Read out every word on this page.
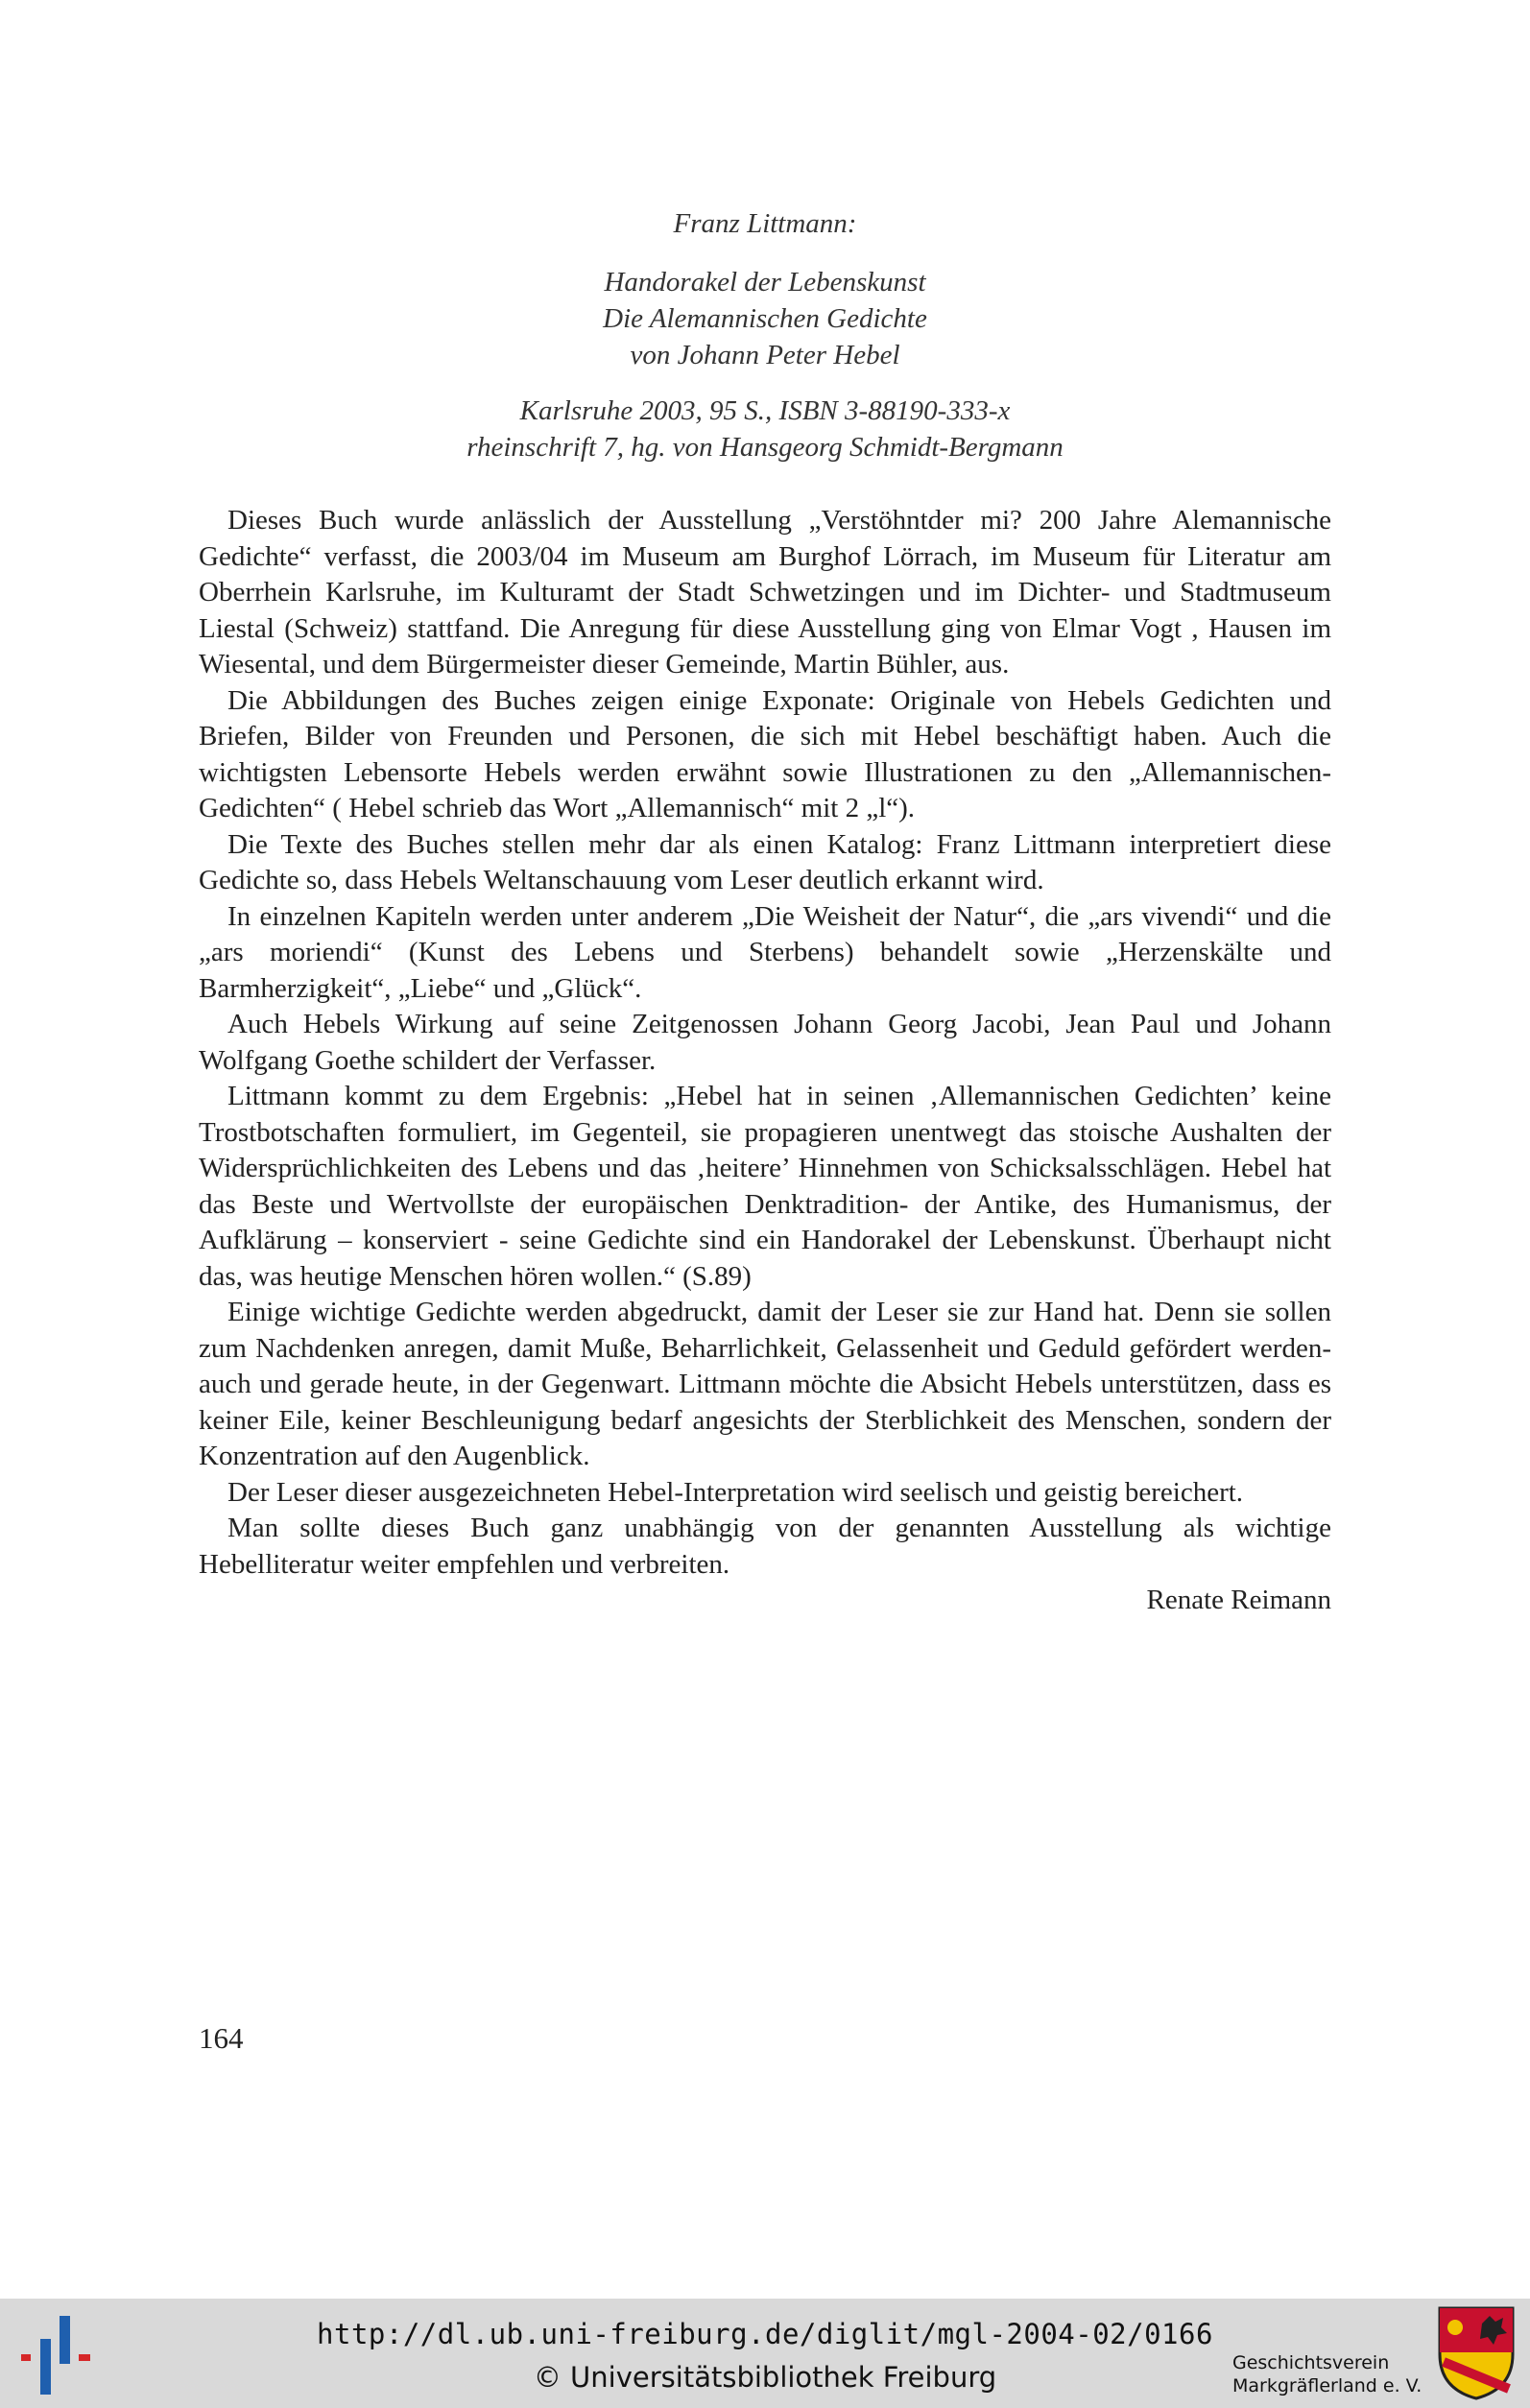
Franz Littmann:
Handorakel der Lebenskunst
Die Alemannischen Gedichte
von Johann Peter Hebel
Karlsruhe 2003, 95 S., ISBN 3-88190-333-x
rheinschrift 7, hg. von Hansgeorg Schmidt-Bergmann

Dieses Buch wurde anlässlich der Ausstellung „Verstöhntder mi? 200 Jahre Alemannische Gedichte“ verfasst, die 2003/04 im Museum am Burghof Lörrach, im Museum für Literatur am Oberrhein Karlsruhe, im Kulturamt der Stadt Schwetzingen und im Dichter- und Stadtmuseum Liestal (Schweiz) stattfand. Die Anregung für diese Ausstellung ging von Elmar Vogt , Hausen im Wiesental, und dem Bürgermeister dieser Gemeinde, Martin Bühler, aus.

Die Abbildungen des Buches zeigen einige Exponate: Originale von Hebels Gedichten und Briefen, Bilder von Freunden und Personen, die sich mit Hebel beschäftigt haben. Auch die wichtigsten Lebensorte Hebels werden erwähnt sowie Illustrationen zu den „Allemannischen-Gedichten“ ( Hebel schrieb das Wort „Allemannisch“ mit 2 „l“).

Die Texte des Buches stellen mehr dar als einen Katalog: Franz Littmann interpretiert diese Gedichte so, dass Hebels Weltanschauung vom Leser deutlich erkannt wird.

In einzelnen Kapiteln werden unter anderem „Die Weisheit der Natur“, die „ars vivendi“ und die „ars moriendi“ (Kunst des Lebens und Sterbens) behandelt sowie „Herzenskälte und Barmherzigkeit“, „Liebe“ und „Glück“.

Auch Hebels Wirkung auf seine Zeitgenossen Johann Georg Jacobi, Jean Paul und Johann Wolfgang Goethe schildert der Verfasser.

Littmann kommt zu dem Ergebnis: „Hebel hat in seinen ‚Allemannischen Gedichten’ keine Trostbotschaften formuliert, im Gegenteil, sie propagieren unentwegt das stoische Aushalten der Widersprüchlichkeiten des Lebens und das ‚heitere’ Hinnehmen von Schicksalsschlägen. Hebel hat das Beste und Wertvollste der europäischen Denktradition- der Antike, des Humanismus, der Aufklärung – konserviert - seine Gedichte sind ein Handorakel der Lebenskunst. Überhaupt nicht das, was heutige Menschen hören wollen.“ (S.89)

Einige wichtige Gedichte werden abgedruckt, damit der Leser sie zur Hand hat. Denn sie sollen zum Nachdenken anregen, damit Muße, Beharrlichkeit, Gelassenheit und Geduld gefördert werden- auch und gerade heute, in der Gegenwart. Littmann möchte die Absicht Hebels unterstützen, dass es keiner Eile, keiner Beschleunigung bedarf angesichts der Sterblichkeit des Menschen, sondern der Konzentration auf den Augenblick.

Der Leser dieser ausgezeichneten Hebel-Interpretation wird seelisch und geistig bereichert.

Man sollte dieses Buch ganz unabhängig von der genannten Ausstellung als wichtige Hebelliteratur weiter empfehlen und verbreiten.

Renate Reimann

164
http://dl.ub.uni-freiburg.de/diglit/mgl-2004-02/0166
© Universitätsbibliothek Freiburg	Geschichtsverein
Markgräflerland e. V.
